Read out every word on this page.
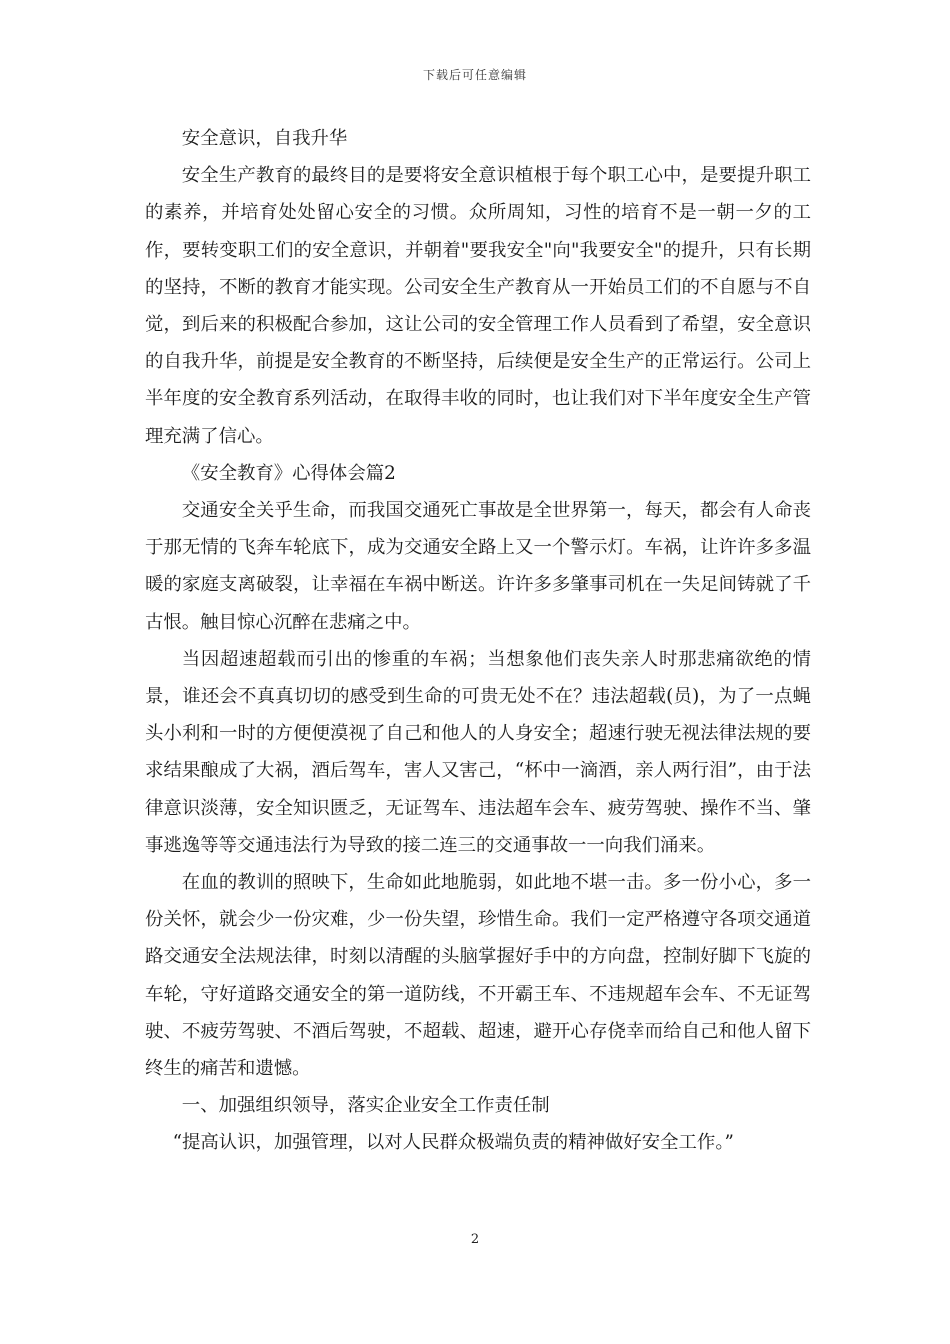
下载后可任意编辑

安全意识，自我升华

安全生产教育的最终目的是要将安全意识植根于每个职工心中，是要提升职工的素养，并培育处处留心安全的习惯。众所周知，习性的培育不是一朝一夕的工作，要转变职工们的安全意识，并朝着"要我安全"向"我要安全"的提升，只有长期的坚持，不断的教育才能实现。公司安全生产教育从一开始员工们的不自愿与不自觉，到后来的积极配合参加，这让公司的安全管理工作人员看到了希望，安全意识的自我升华，前提是安全教育的不断坚持，后续便是安全生产的正常运行。公司上半年度的安全教育系列活动，在取得丰收的同时，也让我们对下半年度安全生产管理充满了信心。

《安全教育》心得体会篇2

交通安全关乎生命，而我国交通死亡事故是全世界第一，每天，都会有人命丧于那无情的飞奔车轮底下，成为交通安全路上又一个警示灯。车祸，让许许多多温暖的家庭支离破裂，让幸福在车祸中断送。许许多多肇事司机在一失足间铸就了千古恨。触目惊心沉醉在悲痛之中。

当因超速超载而引出的惨重的车祸；当想象他们丧失亲人时那悲痛欲绝的情景，谁还会不真真切切的感受到生命的可贵无处不在？违法超载(员)，为了一点蝇头小利和一时的方便便漠视了自己和他人的人身安全；超速行驶无视法律法规的要求结果酿成了大祸，酒后驾车，害人又害己，“杯中一滴酒，亲人两行泪”，由于法律意识淡薄，安全知识匮乏，无证驾车、违法超车会车、疲劳驾驶、操作不当、肇事逃逸等等交通违法行为导致的接二连三的交通事故一一向我们涌来。

在血的教训的照映下，生命如此地脆弱，如此地不堪一击。多一份小心，多一份关怀，就会少一份灾难，少一份失望，珍惜生命。我们一定严格遵守各项交通道路交通安全法规法律，时刻以清醒的头脑掌握好手中的方向盘，控制好脚下飞旋的车轮，守好道路交通安全的第一道防线，不开霸王车、不违规超车会车、不无证驾驶、不疲劳驾驶、不酒后驾驶，不超载、超速，避开心存侥幸而给自己和他人留下终生的痛苦和遗憾。

一、加强组织领导，落实企业安全工作责任制

“提高认识，加强管理，以对人民群众极端负责的精神做好安全工作。”

2
